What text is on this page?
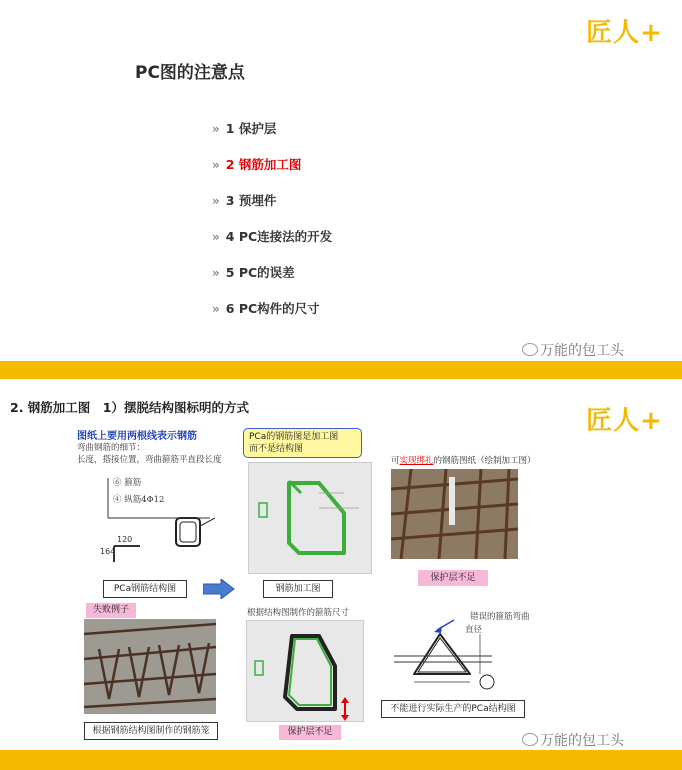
匠人+
PC图的注意点
» 1 保护层
» 2 钢筋加工图
» 3 预埋件
» 4 PC连接法的开发
» 5 PC的误差
» 6 PC构件的尺寸
万能的包工头
2. 钢筋加工图　1）摆脱结构图标明的方式	匠人+
图纸上要用两根线表示钢筋
弯曲钢筋的细节：
长度，搭接位置，弯曲箍筋平直段长度
⑥ 箍筋
④ 纵筋4Φ12
120
164
PCa钢筋结构图
PCa的钢筋图是加工图
而不是结构图
钢筋加工图
可实现绑扎的钢筋图纸（绘制加工图）
保护层不足
失败例子
根据钢筋结构图制作的钢筋笼
根据结构图制作的箍筋尺寸
保护层不足
错误的箍筋弯曲
直径
不能进行实际生产的PCa结构图
万能的包工头
